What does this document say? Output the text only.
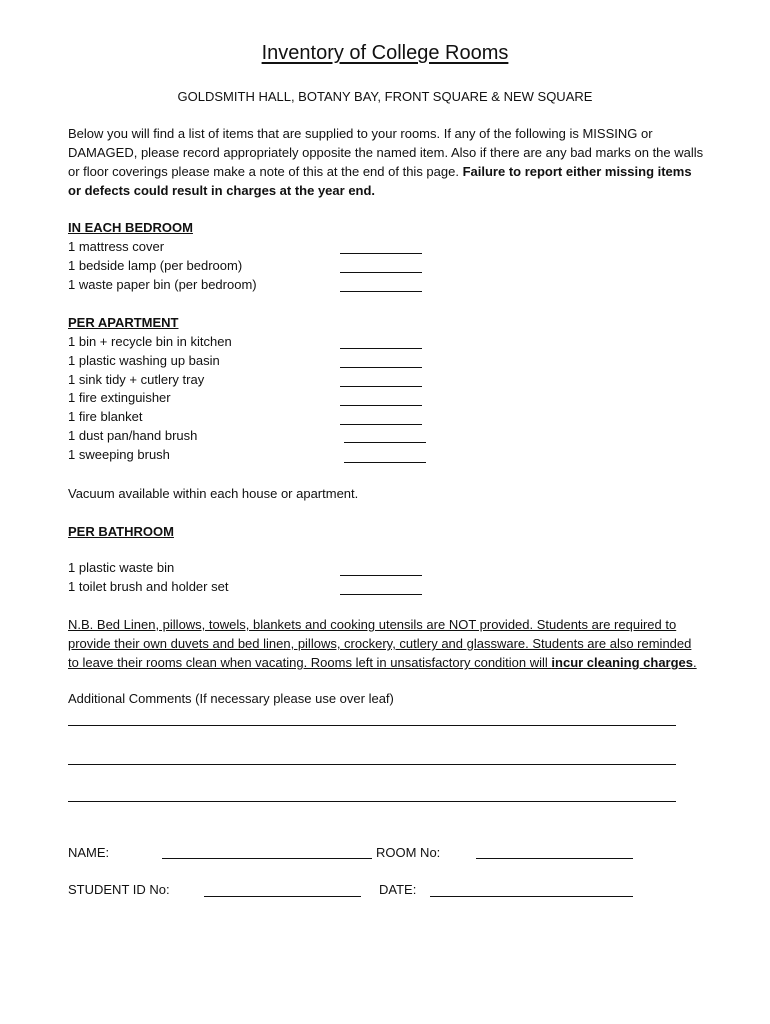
Inventory of College Rooms
GOLDSMITH HALL, BOTANY BAY, FRONT SQUARE & NEW SQUARE
Below you will find a list of items that are supplied to your rooms. If any of the following is MISSING or DAMAGED, please record appropriately opposite the named item. Also if there are any bad marks on the walls or floor coverings please make a note of this at the end of this page. Failure to report either missing items or defects could result in charges at the year end.
IN EACH BEDROOM
1 mattress cover
1 bedside lamp (per bedroom)
1 waste paper bin (per bedroom)
PER APARTMENT
1 bin + recycle bin in kitchen
1 plastic washing up basin
1 sink tidy + cutlery tray
1 fire extinguisher
1 fire blanket
1 dust pan/hand brush
1 sweeping brush
Vacuum available within each house or apartment.
PER BATHROOM
1 plastic waste bin
1 toilet brush and holder set
N.B. Bed Linen, pillows, towels, blankets and cooking utensils are NOT provided. Students are required to provide their own duvets and bed linen, pillows, crockery, cutlery and glassware. Students are also reminded to leave their rooms clean when vacating. Rooms left in unsatisfactory condition will incur cleaning charges.
Additional Comments (If necessary please use over leaf)
NAME:	ROOM No:
STUDENT ID No:	DATE:
